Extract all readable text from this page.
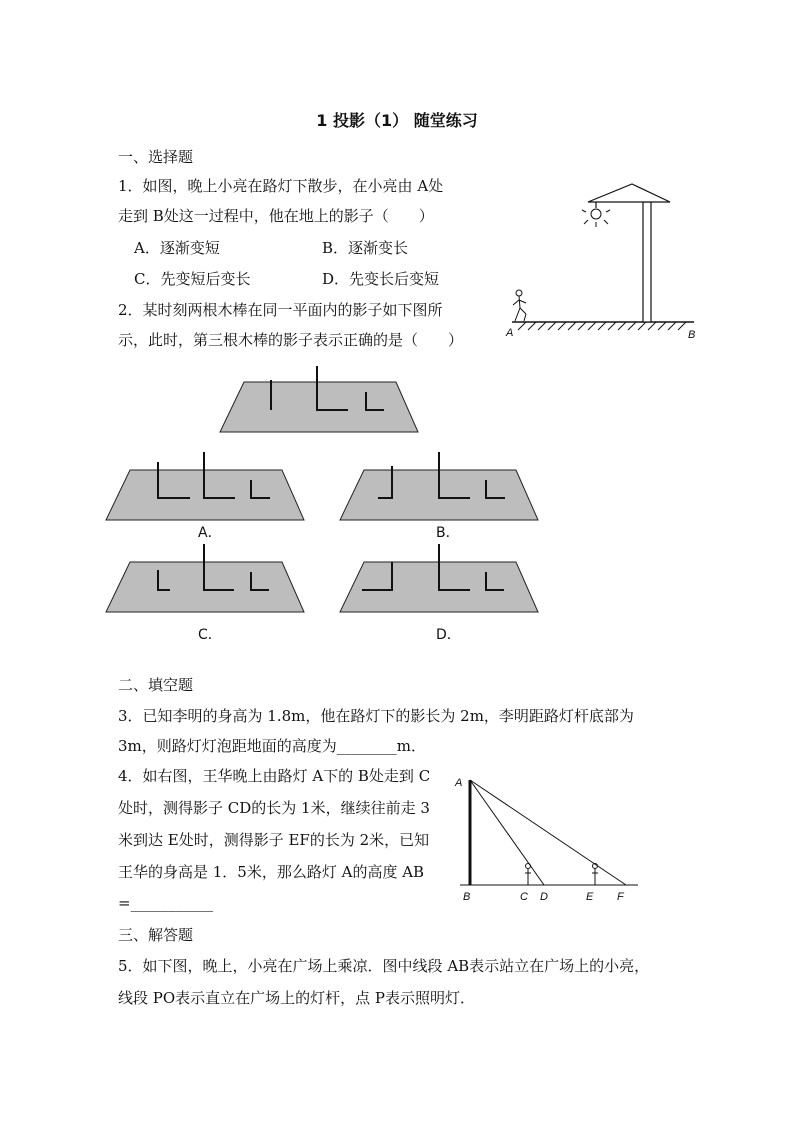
1 投影（1） 随堂练习
一、选择题
1．如图，晚上小亮在路灯下散步，在小亮由 A处
走到 B处这一过程中，他在地上的影子（　　）
A．逐渐变短	B．逐渐变长
C．先变短后变长	D．先变长后变短
A	B
2．某时刻两根木棒在同一平面内的影子如下图所
示，此时，第三根木棒的影子表示正确的是（　　）
A．	B．
C．	D．
二、填空题
3．已知李明的身高为 1.8m，他在路灯下的影长为 2m，李明距路灯杆底部为
3m，则路灯灯泡距地面的高度为________m．
4．如右图，王华晚上由路灯 A下的 B处走到 C
处时，测得影子 CD的长为 1米，继续往前走 3
米到达 E处时，测得影子 EF的长为 2米，已知
王华的身高是 1．5米，那么路灯 A的高度 AB
=___________
A
B	C D	E F
三、解答题
5．如下图，晚上，小亮在广场上乘凉．图中线段 AB表示站立在广场上的小亮，
线段 PO表示直立在广场上的灯杆，点 P表示照明灯．
